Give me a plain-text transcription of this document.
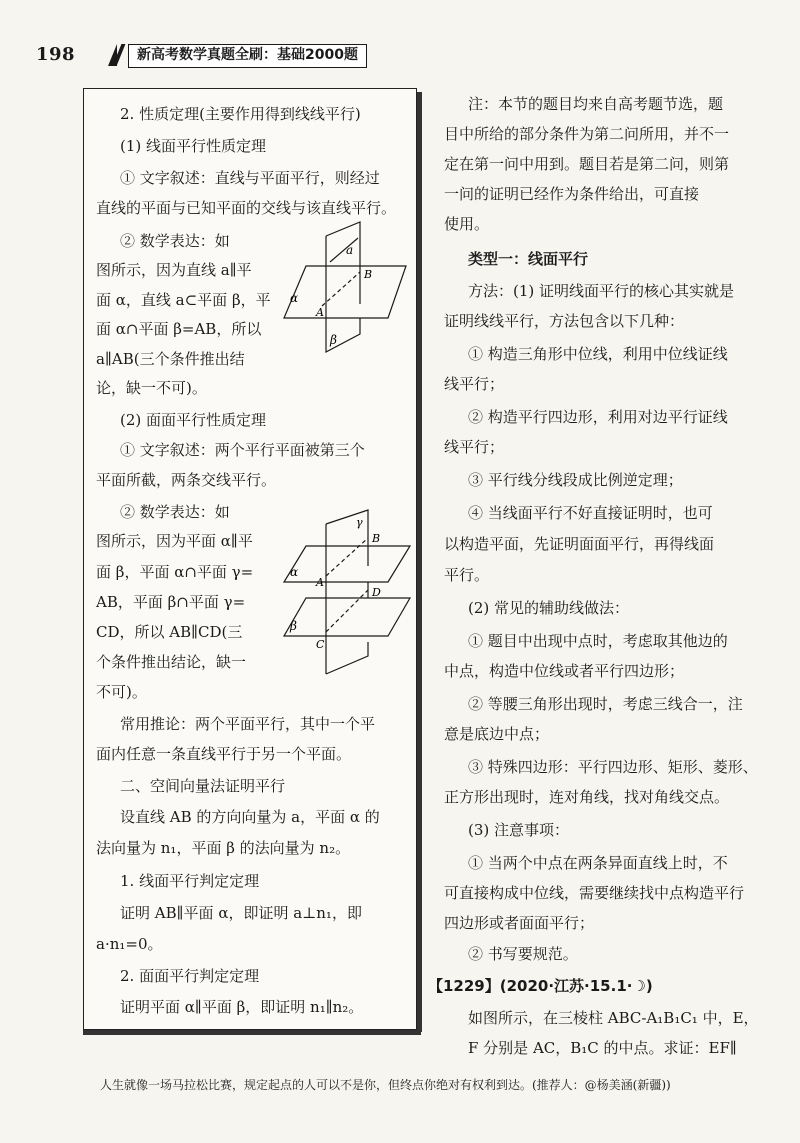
198	新高考数学真题全刷：基础2000题
2. 性质定理(主要作用得到线线平行)
(1) 线面平行性质定理
① 文字叙述：直线与平面平行，则经过
直线的平面与已知平面的交线与该直线平行。
② 数学表达：如
图所示，因为直线 a∥平
面 α，直线 a⊂平面 β，平
面 α∩平面 β=AB，所以
a∥AB(三个条件推出结
论，缺一不可)。
(2) 面面平行性质定理
① 文字叙述：两个平行平面被第三个
平面所截，两条交线平行。
② 数学表达：如
图所示，因为平面 α∥平
面 β，平面 α∩平面 γ=
AB，平面 β∩平面 γ=
CD，所以 AB∥CD(三
个条件推出结论，缺一
不可)。
常用推论：两个平面平行，其中一个平
面内任意一条直线平行于另一个平面。
二、空间向量法证明平行
设直线 AB 的方向向量为 a，平面 α 的
法向量为 n₁，平面 β 的法向量为 n₂。
1. 线面平行判定定理
证明 AB∥平面 α，即证明 a⊥n₁，即
a·n₁=0。
2. 面面平行判定定理
证明平面 α∥平面 β，即证明 n₁∥n₂。
a
B
A
α
β
γ
B
A
α
D
C
β
注：本节的题目均来自高考题节选，题
目中所给的部分条件为第二问所用，并不一
定在第一问中用到。题目若是第二问，则第
一问的证明已经作为条件给出，可直接
使用。
类型一：线面平行
方法：(1) 证明线面平行的核心其实就是
证明线线平行，方法包含以下几种：
① 构造三角形中位线，利用中位线证线
线平行；
② 构造平行四边形，利用对边平行证线
线平行；
③ 平行线分线段成比例逆定理；
④ 当线面平行不好直接证明时，也可
以构造平面，先证明面面平行，再得线面
平行。
(2) 常见的辅助线做法：
① 题目中出现中点时，考虑取其他边的
中点，构造中位线或者平行四边形；
② 等腰三角形出现时，考虑三线合一，注
意是底边中点；
③ 特殊四边形：平行四边形、矩形、菱形、
正方形出现时，连对角线，找对角线交点。
(3) 注意事项：
① 当两个中点在两条异面直线上时，不
可直接构成中位线，需要继续找中点构造平行
四边形或者面面平行；
② 书写要规范。
【1229】(2020·江苏·15.1·☽)
如图所示，在三棱柱 ABC-A₁B₁C₁ 中，E，
F 分别是 AC，B₁C 的中点。求证：EF∥
人生就像一场马拉松比赛，规定起点的人可以不是你，但终点你绝对有权利到达。(推荐人：@杨美涵(新疆))
